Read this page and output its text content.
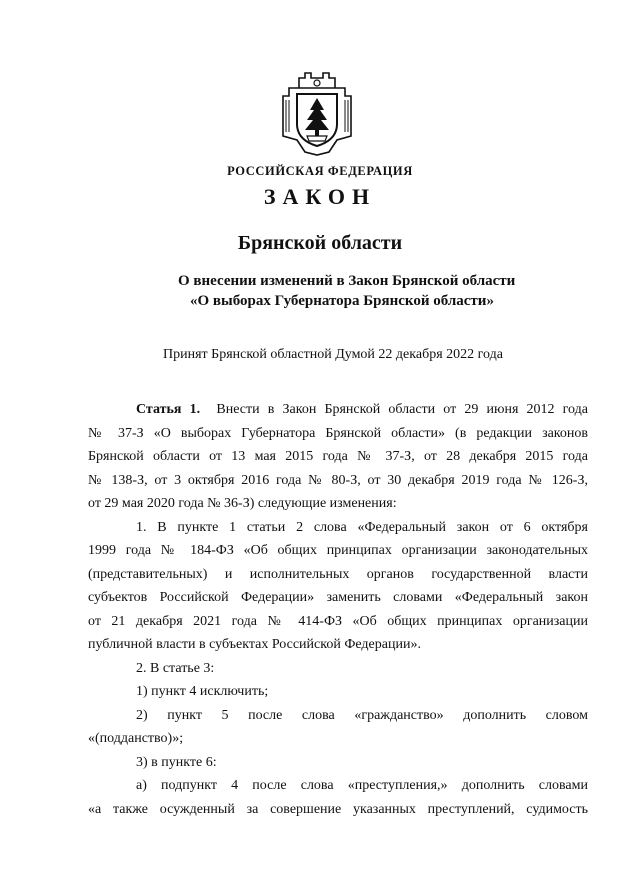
РОССИЙСКАЯ ФЕДЕРАЦИЯ
ЗАКОН
Брянской области
О внесении изменений в Закон Брянской области
«О выборах Губернатора Брянской области»
Принят Брянской областной Думой 22 декабря 2022 года
Статья 1. Внести в Закон Брянской области от 29 июня 2012 года
№ 37-З «О выборах Губернатора Брянской области» (в редакции законов
Брянской области от 13 мая 2015 года № 37-З, от 28 декабря 2015 года
№ 138-З, от 3 октября 2016 года № 80-З, от 30 декабря 2019 года № 126-З,
от 29 мая 2020 года № 36-З) следующие изменения:
1. В пункте 1 статьи 2 слова «Федеральный закон от 6 октября
1999 года № 184-ФЗ «Об общих принципах организации законодательных
(представительных) и исполнительных органов государственной власти
субъектов Российской Федерации» заменить словами «Федеральный закон
от 21 декабря 2021 года № 414-ФЗ «Об общих принципах организации
публичной власти в субъектах Российской Федерации».
2. В статье 3:
1) пункт 4 исключить;
2) пункт 5 после слова «гражданство» дополнить словом
«(подданство)»;
3) в пункте 6:
а) подпункт 4 после слова «преступления,» дополнить словами
«а также осужденный за совершение указанных преступлений, судимость
